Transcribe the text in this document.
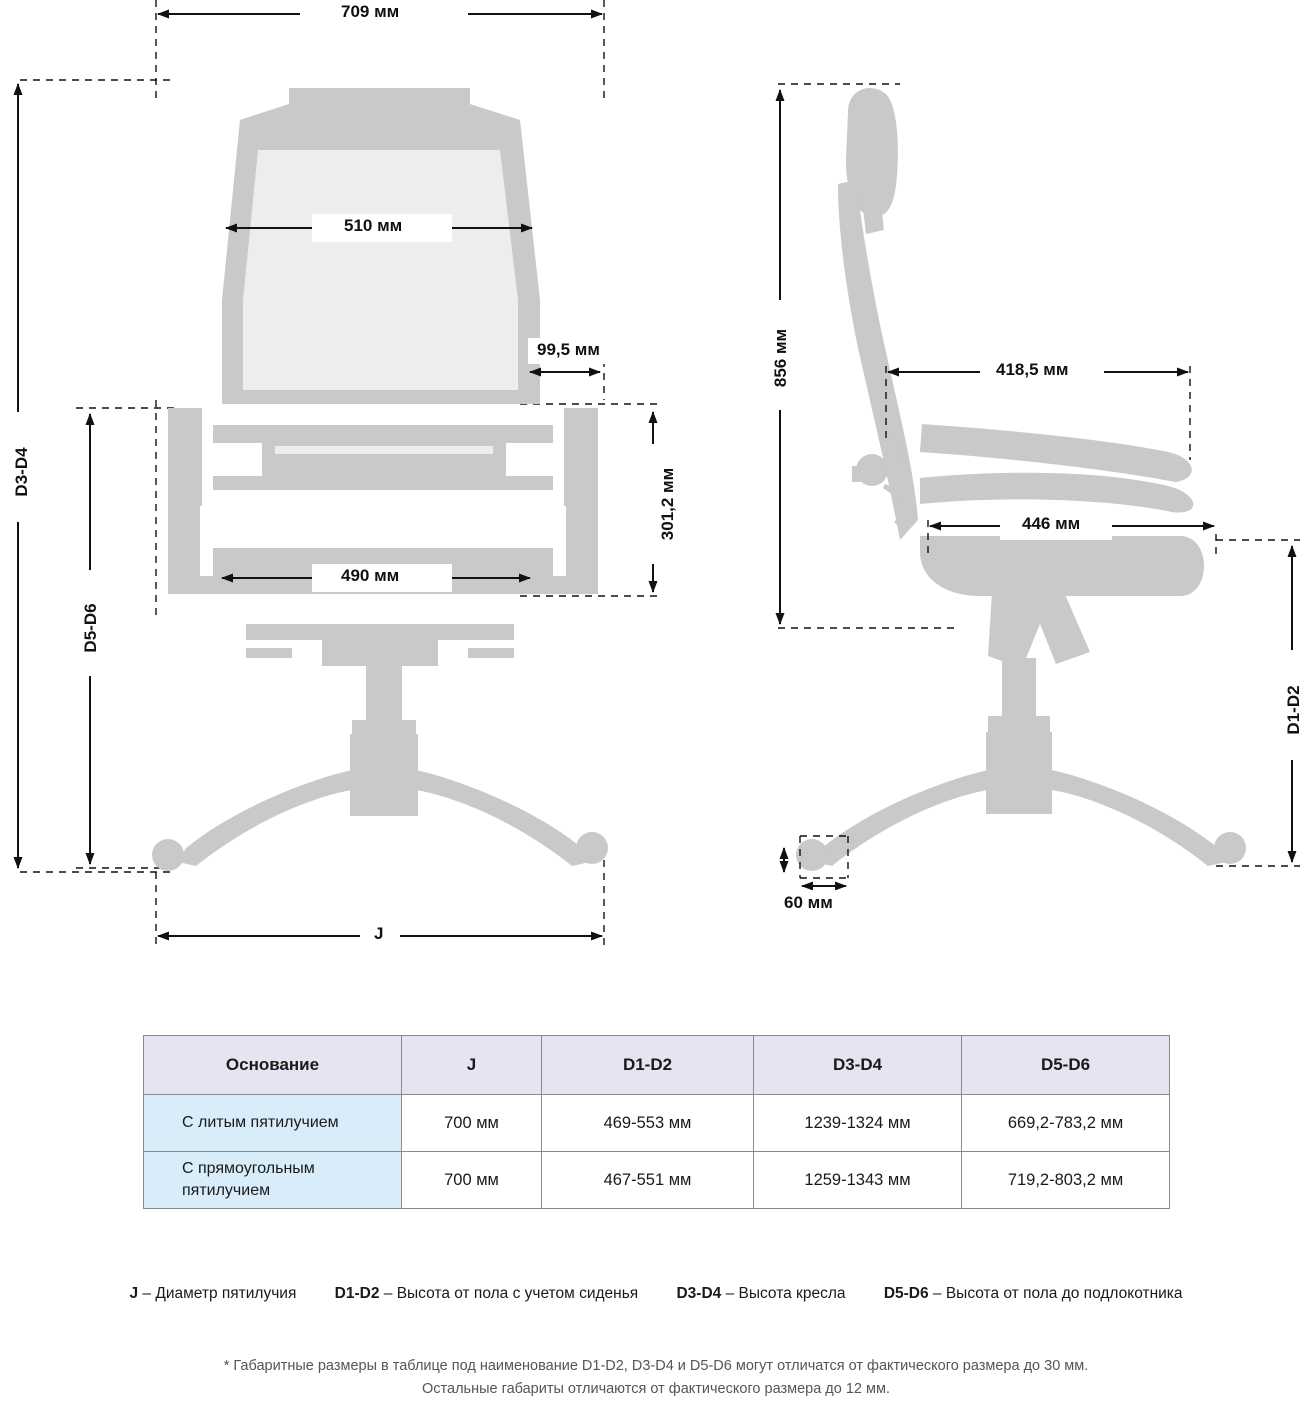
709 мм
510 мм
99,5 мм
490 мм
301,2 мм
D3-D4
D5-D6
J
856 мм	418,5 мм
446 мм
D1-D2
60 мм
Основание	J	D1-D2	D3-D4	D5-D6
С литым пятилучием	700 мм	469-553 мм	1239-1324 мм	669,2-783,2 мм
С прямоугольным пятилучием	700 мм	467-551 мм	1259-1343 мм	719,2-803,2 мм
J – Диаметр пятилучия D1-D2 – Высота от пола с учетом сиденья D3-D4 – Высота кресла D5-D6 – Высота от пола до подлокотника
* Габаритные размеры в таблице под наименование D1-D2, D3-D4 и D5-D6 могут отличатся от фактического размера до 30 мм.
Остальные габариты отличаются от фактического размера до 12 мм.
